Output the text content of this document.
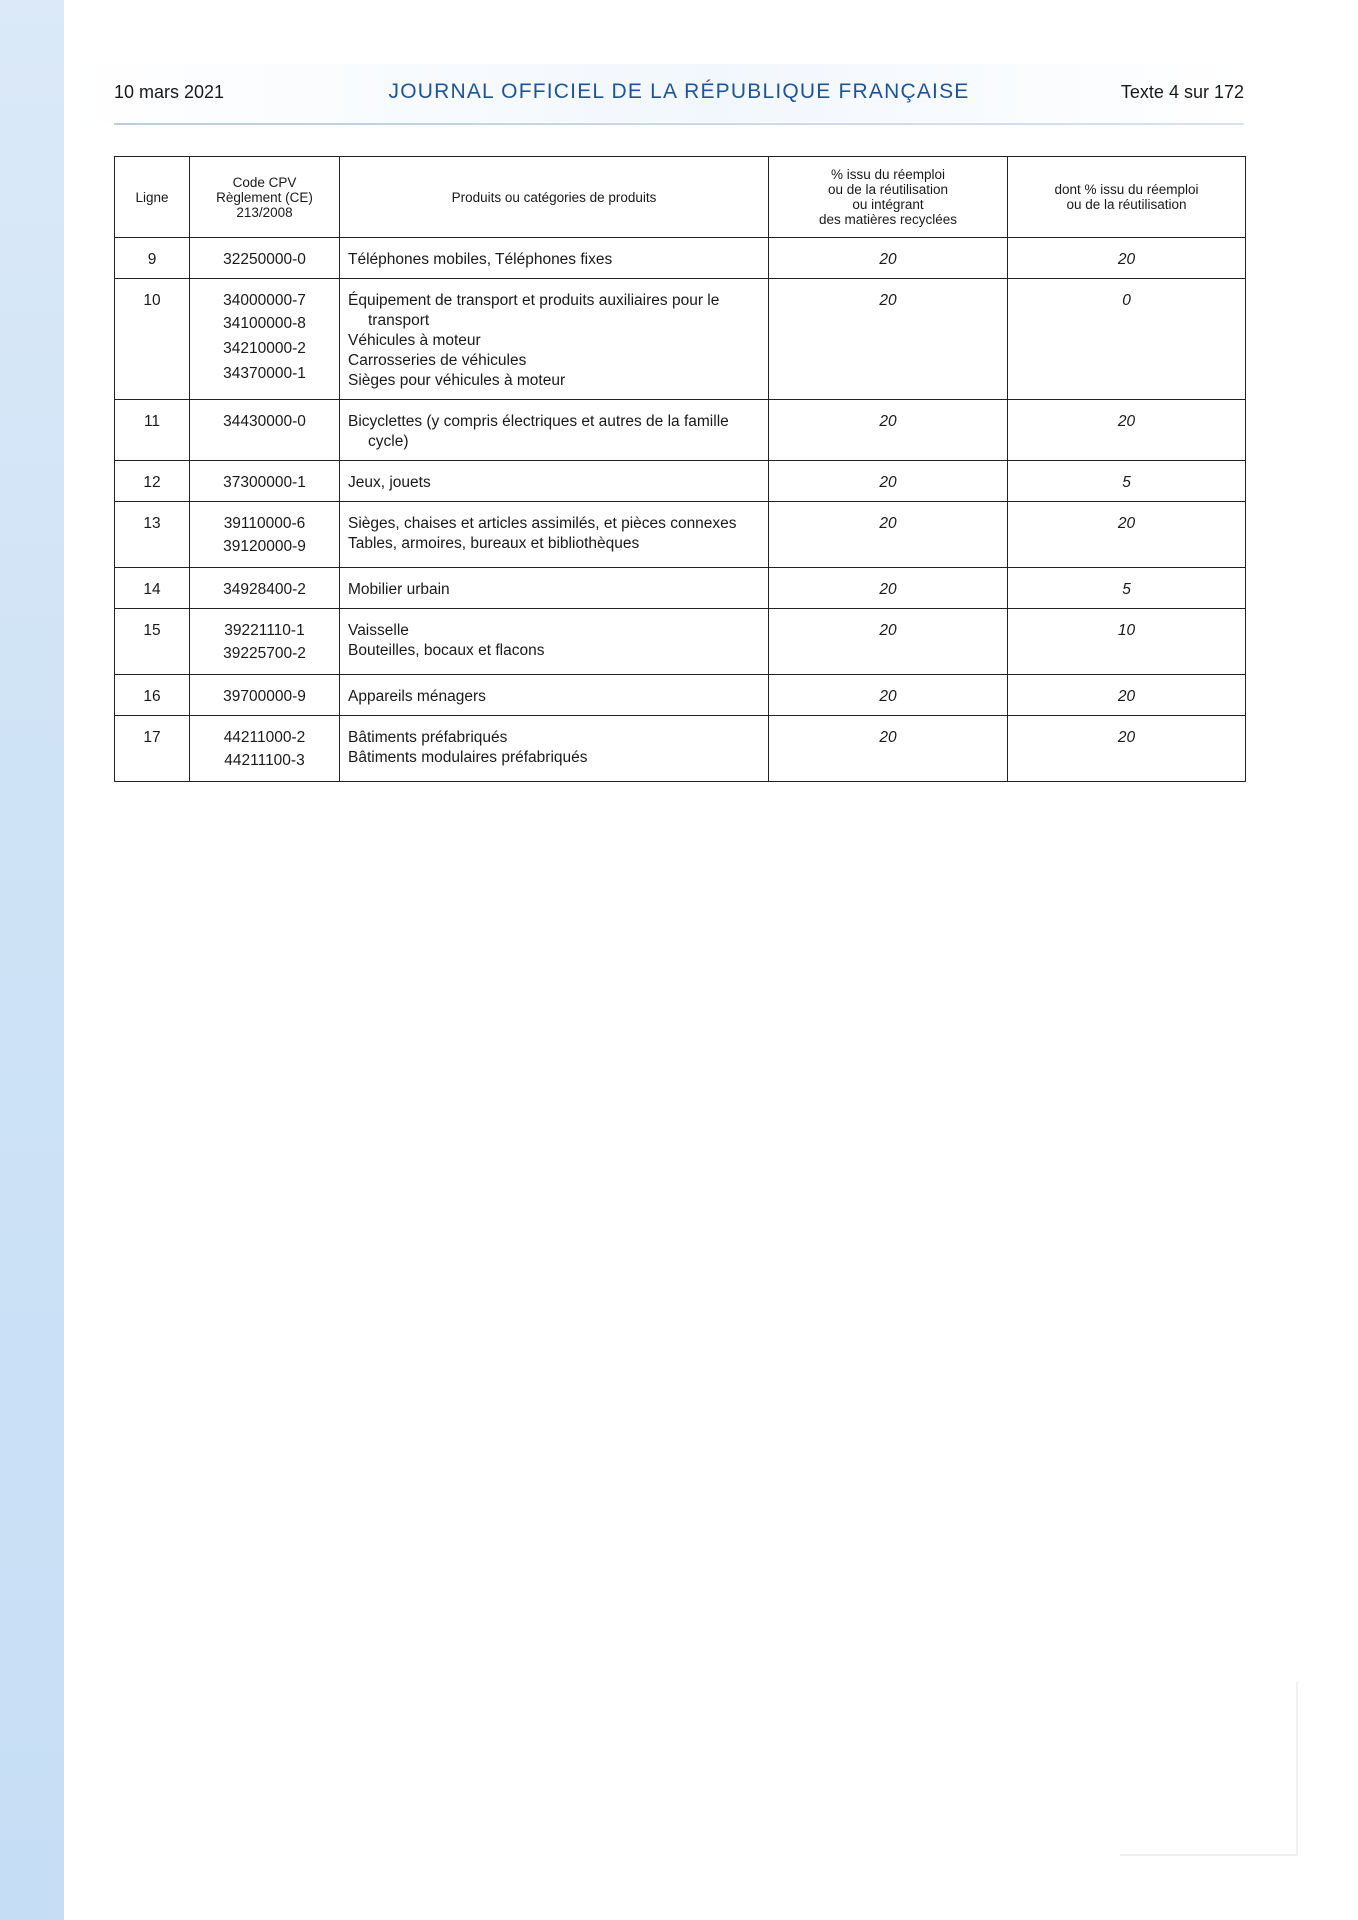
10 mars 2021	JOURNAL OFFICIEL DE LA RÉPUBLIQUE FRANÇAISE	Texte 4 sur 172
Ligne	Code CPV
Règlement (CE)
213/2008	Produits ou catégories de produits	% issu du réemploi
ou de la réutilisation
ou intégrant
des matières recyclées	dont % issu du réemploi
ou de la réutilisation
9	32250000-0	Téléphones mobiles, Téléphones fixes	20	20
10	34000000-7
34100000-8
34210000-2
34370000-1	Équipement de transport et produits auxiliaires pour le transport
Véhicules à moteur
Carrosseries de véhicules
Sièges pour véhicules à moteur	20	0
11	34430000-0	Bicyclettes (y compris électriques et autres de la famille cycle)	20	20
12	37300000-1	Jeux, jouets	20	5
13	39110000-6
39120000-9	Sièges, chaises et articles assimilés, et pièces connexes
Tables, armoires, bureaux et bibliothèques	20	20
14	34928400-2	Mobilier urbain	20	5
15	39221110-1
39225700-2	Vaisselle
Bouteilles, bocaux et flacons	20	10
16	39700000-9	Appareils ménagers	20	20
17	44211000-2
44211100-3	Bâtiments préfabriqués
Bâtiments modulaires préfabriqués	20	20
